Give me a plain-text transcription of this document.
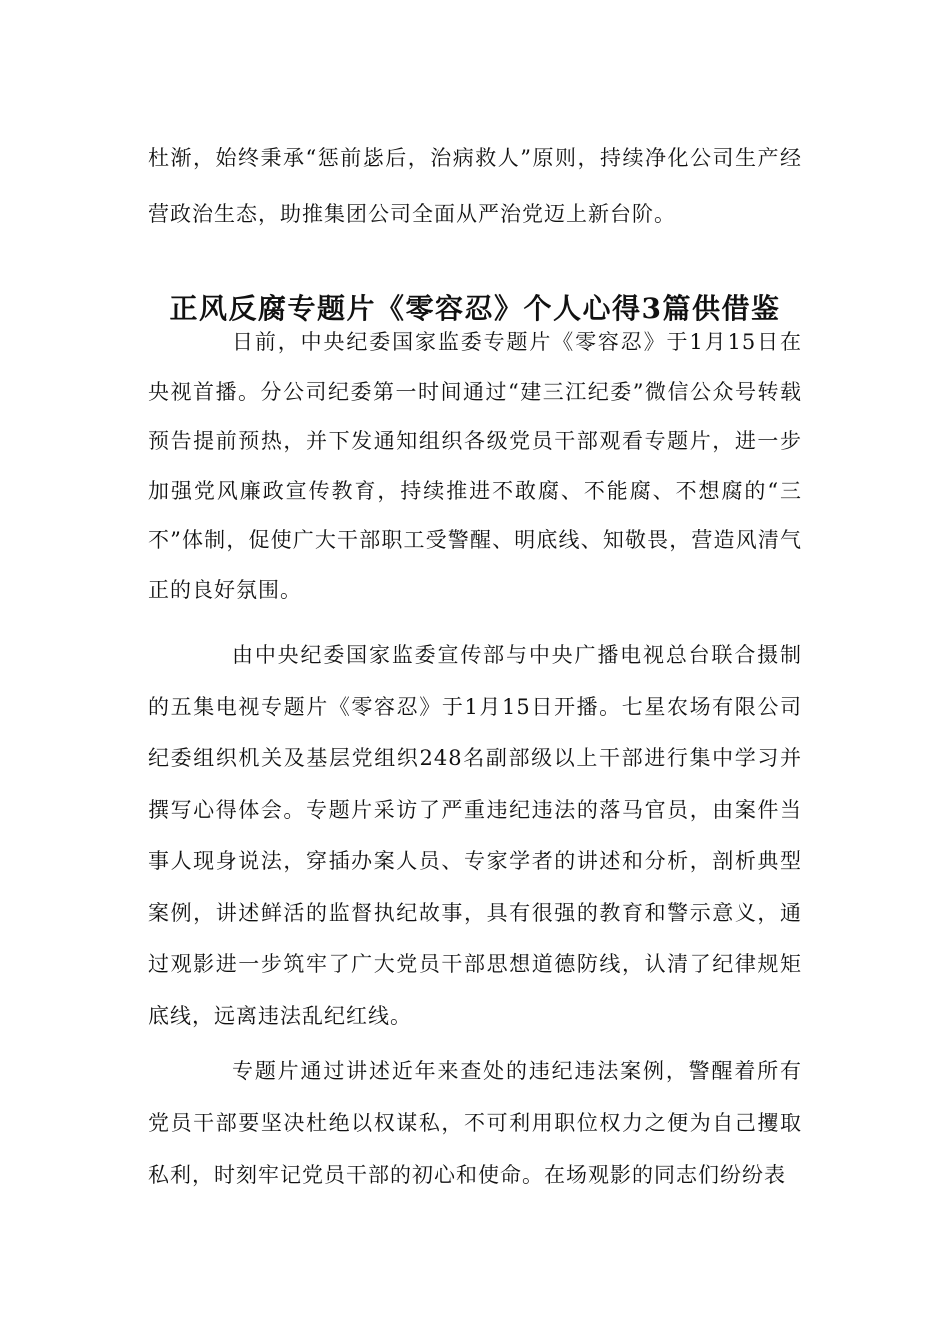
杜渐，始终秉承“惩前毖后，治病救人”原则，持续净化公司生产经营政治生态，助推集团公司全面从严治党迈上新台阶。

正风反腐专题片《零容忍》个人心得3篇供借鉴

日前，中央纪委国家监委专题片《零容忍》于1月15日在央视首播。分公司纪委第一时间通过“建三江纪委”微信公众号转载预告提前预热，并下发通知组织各级党员干部观看专题片，进一步加强党风廉政宣传教育，持续推进不敢腐、不能腐、不想腐的“三不”体制，促使广大干部职工受警醒、明底线、知敬畏，营造风清气正的良好氛围。

由中央纪委国家监委宣传部与中央广播电视总台联合摄制的五集电视专题片《零容忍》于1月15日开播。七星农场有限公司纪委组织机关及基层党组织248名副部级以上干部进行集中学习并撰写心得体会。专题片采访了严重违纪违法的落马官员，由案件当事人现身说法，穿插办案人员、专家学者的讲述和分析，剖析典型案例，讲述鲜活的监督执纪故事，具有很强的教育和警示意义，通过观影进一步筑牢了广大党员干部思想道德防线，认清了纪律规矩底线，远离违法乱纪红线。

专题片通过讲述近年来查处的违纪违法案例，警醒着所有党员干部要坚决杜绝以权谋私，不可利用职位权力之便为自己攫取私利，时刻牢记党员干部的初心和使命。在场观影的同志们纷纷表
